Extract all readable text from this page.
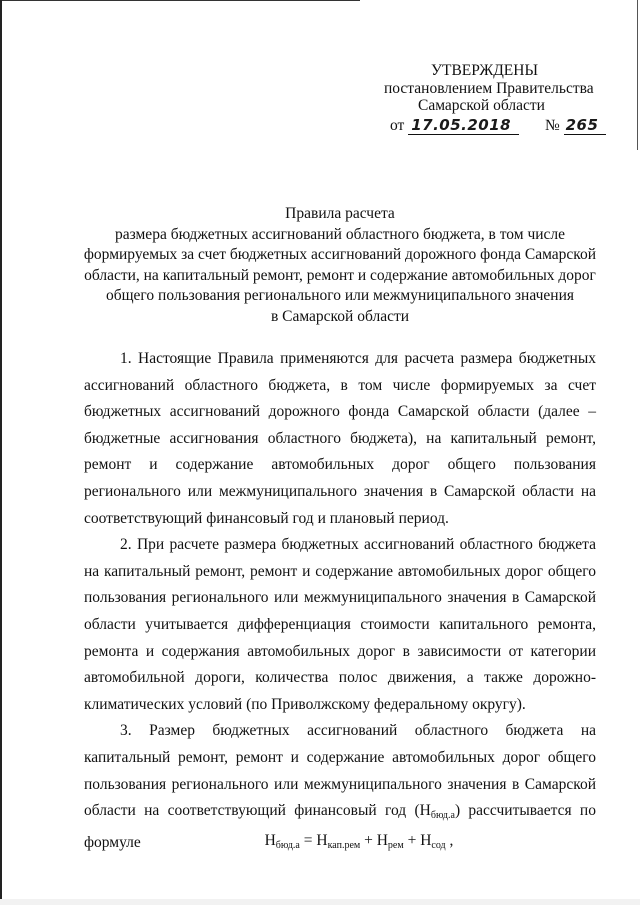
УТВЕРЖДЕНЫ
постановлением Правительства
Самарской области
от 17.05.2018 № 265
Правила расчета
размера бюджетных ассигнований областного бюджета, в том числе
формируемых за счет бюджетных ассигнований дорожного фонда Самарской
области, на капитальный ремонт, ремонт и содержание автомобильных дорог
общего пользования регионального или межмуниципального значения
в Самарской области

1. Настоящие Правила применяются для расчета размера бюджетных ассигнований областного бюджета, в том числе формируемых за счет бюджетных ассигнований дорожного фонда Самарской области (далее – бюджетные ассигнования областного бюджета), на капитальный ремонт, ремонт и содержание автомобильных дорог общего пользования регионального или межмуниципального значения в Самарской области на соответствующий финансовый год и плановый период.

2. При расчете размера бюджетных ассигнований областного бюджета на капитальный ремонт, ремонт и содержание автомобильных дорог общего пользования регионального или межмуниципального значения в Самарской области учитывается дифференциация стоимости капитального ремонта, ремонта и содержания автомобильных дорог в зависимости от категории автомобильной дороги, количества полос движения, а также дорожно-климатических условий (по Приволжскому федеральному округу).

3. Размер бюджетных ассигнований областного бюджета на капитальный ремонт, ремонт и содержание автомобильных дорог общего пользования регионального или межмуниципального значения в Самарской области на соответствующий финансовый год $(Н_{бюд.а})$ рассчитывается по формуле	$Н_{бюд.а} = Н_{кап.рем} + Н_{рем} + Н_{сод}$ ,
